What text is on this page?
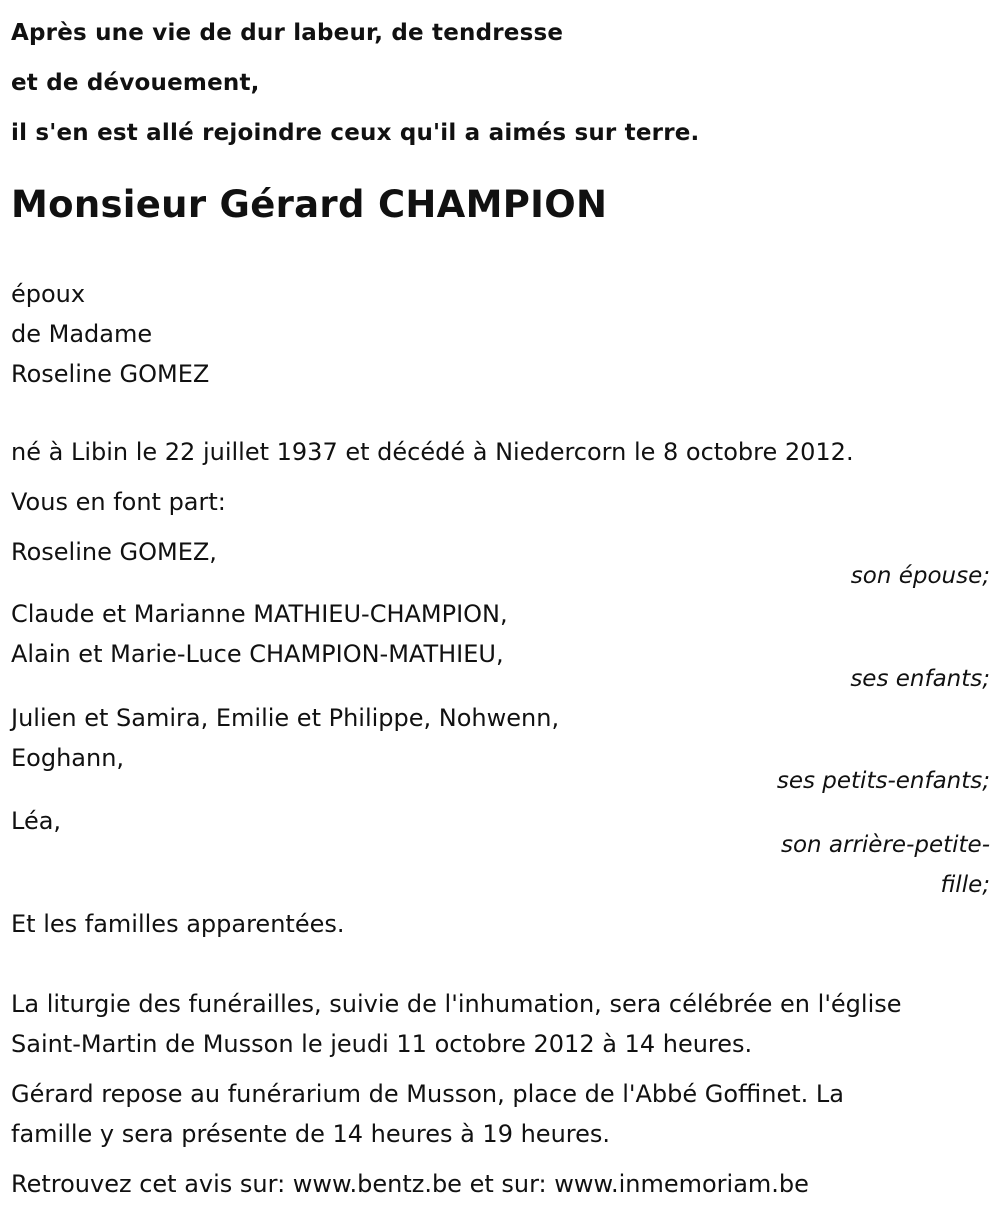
Après une vie de dur labeur, de tendresse
et de dévouement,
il s'en est allé rejoindre ceux qu'il a aimés sur terre.
Monsieur Gérard CHAMPION
époux
de Madame
Roseline GOMEZ
né à Libin le 22 juillet 1937 et décédé à Niedercorn le 8 octobre 2012.
Vous en font part:
Roseline GOMEZ,
son épouse;
Claude et Marianne MATHIEU-CHAMPION,
Alain et Marie-Luce CHAMPION-MATHIEU,
ses enfants;
Julien et Samira, Emilie et Philippe, Nohwenn,
Eoghann,
ses petits-enfants;
Léa,
son arrière-petite-
fille;
Et les familles apparentées.
La liturgie des funérailles, suivie de l'inhumation, sera célébrée en l'église
Saint-Martin de Musson le jeudi 11 octobre 2012 à 14 heures.
Gérard repose au funérarium de Musson, place de l'Abbé Goffinet. La
famille y sera présente de 14 heures à 19 heures.
Retrouvez cet avis sur: www.bentz.be et sur: www.inmemoriam.be
